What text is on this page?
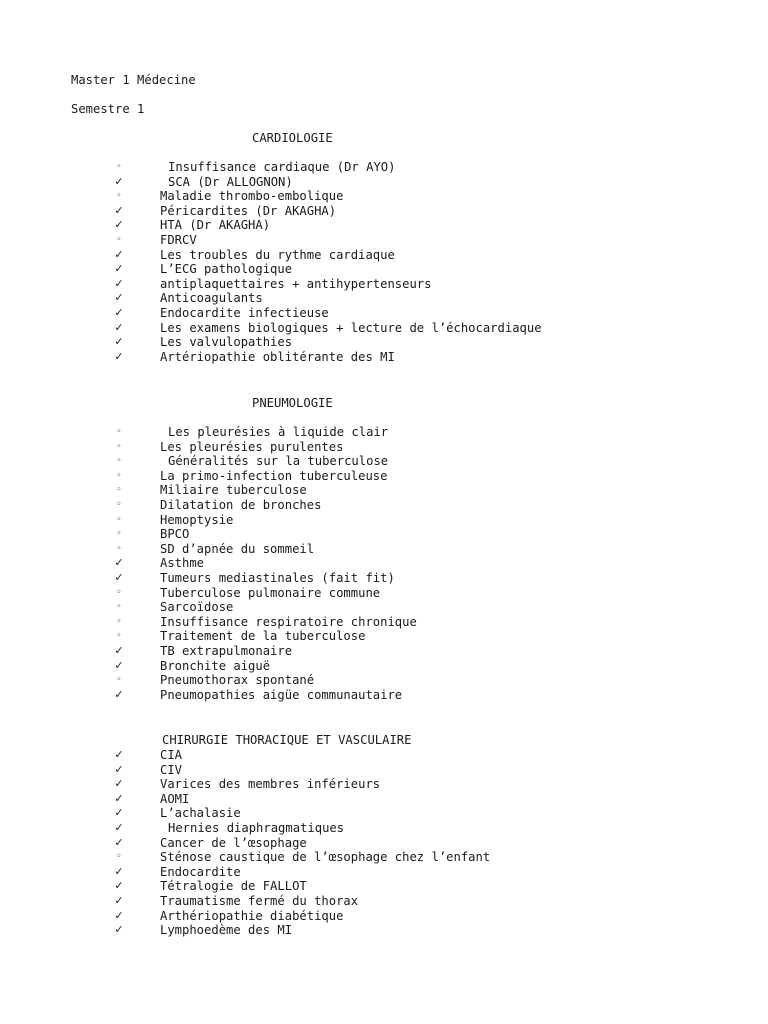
Master 1 Médecine
Semestre 1
CARDIOLOGIE
◦	Insuffisance cardiaque (Dr AYO)
✓	SCA (Dr ALLOGNON)
◦	Maladie thrombo-embolique
✓	Péricardites (Dr AKAGHA)
✓	HTA (Dr AKAGHA)
◦	FDRCV
✓	Les troubles du rythme cardiaque
✓	L’ECG pathologique
✓	antiplaquettaires + antihypertenseurs
✓	Anticoagulants
✓	Endocardite infectieuse
✓	Les examens biologiques + lecture de l’échocardiaque
✓	Les valvulopathies
✓	Artériopathie oblitérante des MI
PNEUMOLOGIE
◦	Les pleurésies à liquide clair
◦	Les pleurésies purulentes
◦	Généralités sur la tuberculose
◦	La primo-infection tuberculeuse
◦	Miliaire tuberculose
◦	Dilatation de bronches
◦	Hemoptysie
◦	BPCO
◦	SD d’apnée du sommeil
✓	Asthme
✓	Tumeurs mediastinales (fait fit)
◦	Tuberculose pulmonaire commune
◦	Sarcoïdose
◦	Insuffisance respiratoire chronique
◦	Traitement de la tuberculose
✓	TB extrapulmonaire
✓	Bronchite aiguë
◦	Pneumothorax spontané
✓	Pneumopathies aigüe communautaire
CHIRURGIE THORACIQUE ET VASCULAIRE
✓	CIA
✓	CIV
✓	Varices des membres inférieurs
✓	AOMI
✓	L’achalasie
✓	Hernies diaphragmatiques
✓	Cancer de l’œsophage
◦	Sténose caustique de l’œsophage chez l’enfant
✓	Endocardite
✓	Tétralogie de FALLOT
✓	Traumatisme fermé du thorax
✓	Arthériopathie diabétique
✓	Lymphoedème des MI
